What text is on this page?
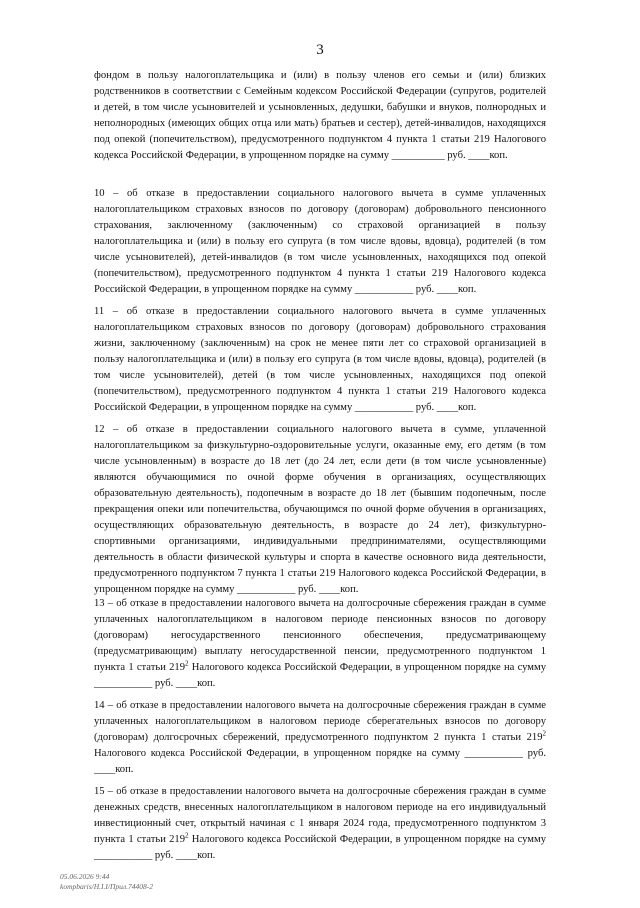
3
фондом в пользу налогоплательщика и (или) в пользу членов его семьи и (или) близких родственников в соответствии с Семейным кодексом Российской Федерации (супругов, родителей и детей, в том числе усыновителей и усыновленных, дедушки, бабушки и внуков, полнородных и неполнородных (имеющих общих отца или мать) братьев и сестер), детей-инвалидов, находящихся под опекой (попечительством), предусмотренного подпунктом 4 пункта 1 статьи 219 Налогового кодекса Российской Федерации, в упрощенном порядке на сумму __________ руб. ____коп.
10 – об отказе в предоставлении социального налогового вычета в сумме уплаченных налогоплательщиком страховых взносов по договору (договорам) добровольного пенсионного страхования, заключенному (заключенным) со страховой организацией в пользу налогоплательщика и (или) в пользу его супруга (в том числе вдовы, вдовца), родителей (в том числе усыновителей), детей-инвалидов (в том числе усыновленных, находящихся под опекой (попечительством), предусмотренного подпунктом 4 пункта 1 статьи 219 Налогового кодекса Российской Федерации, в упрощенном порядке на сумму ___________ руб. ____коп.
11 – об отказе в предоставлении социального налогового вычета в сумме уплаченных налогоплательщиком страховых взносов по договору (договорам) добровольного страхования жизни, заключенному (заключенным) на срок не менее пяти лет со страховой организацией в пользу налогоплательщика и (или) в пользу его супруга (в том числе вдовы, вдовца), родителей (в том числе усыновителей), детей (в том числе усыновленных, находящихся под опекой (попечительством), предусмотренного подпунктом 4 пункта 1 статьи 219 Налогового кодекса Российской Федерации, в упрощенном порядке на сумму ___________ руб. ____коп.
12 – об отказе в предоставлении социального налогового вычета в сумме, уплаченной налогоплательщиком за физкультурно-оздоровительные услуги, оказанные ему, его детям (в том числе усыновленным) в возрасте до 18 лет (до 24 лет, если дети (в том числе усыновленные) являются обучающимися по очной форме обучения в организациях, осуществляющих образовательную деятельность), подопечным в возрасте до 18 лет (бывшим подопечным, после прекращения опеки или попечительства, обучающимся по очной форме обучения в организациях, осуществляющих образовательную деятельность, в возрасте до 24 лет), физкультурно-спортивными организациями, индивидуальными предпринимателями, осуществляющими деятельность в области физической культуры и спорта в качестве основного вида деятельности, предусмотренного подпунктом 7 пункта 1 статьи 219 Налогового кодекса Российской Федерации, в упрощенном порядке на сумму ___________ руб. ____коп.
13 – об отказе в предоставлении налогового вычета на долгосрочные сбережения граждан в сумме уплаченных налогоплательщиком в налоговом периоде пенсионных взносов по договору (договорам) негосударственного пенсионного обеспечения, предусматривающему (предусматривающим) выплату негосударственной пенсии, предусмотренного подпунктом 1 пункта 1 статьи $219^2$ Налогового кодекса Российской Федерации, в упрощенном порядке на сумму ___________ руб. ____коп.
14 – об отказе в предоставлении налогового вычета на долгосрочные сбережения граждан в сумме уплаченных налогоплательщиком в налоговом периоде сберегательных взносов по договору (договорам) долгосрочных сбережений, предусмотренного подпунктом 2 пункта 1 статьи $219^2$ Налогового кодекса Российской Федерации, в упрощенном порядке на сумму ___________ руб. ____коп.
15 – об отказе в предоставлении налогового вычета на долгосрочные сбережения граждан в сумме денежных средств, внесенных налогоплательщиком в налоговом периоде на его индивидуальный инвестиционный счет, открытый начиная с 1 января 2024 года, предусмотренного подпунктом 3 пункта 1 статьи $219^2$ Налогового кодекса Российской Федерации, в упрощенном порядке на сумму ___________ руб. ____коп.
05.06.2026 9:44
kompbaris/H.I.I/Прил.74408-2
